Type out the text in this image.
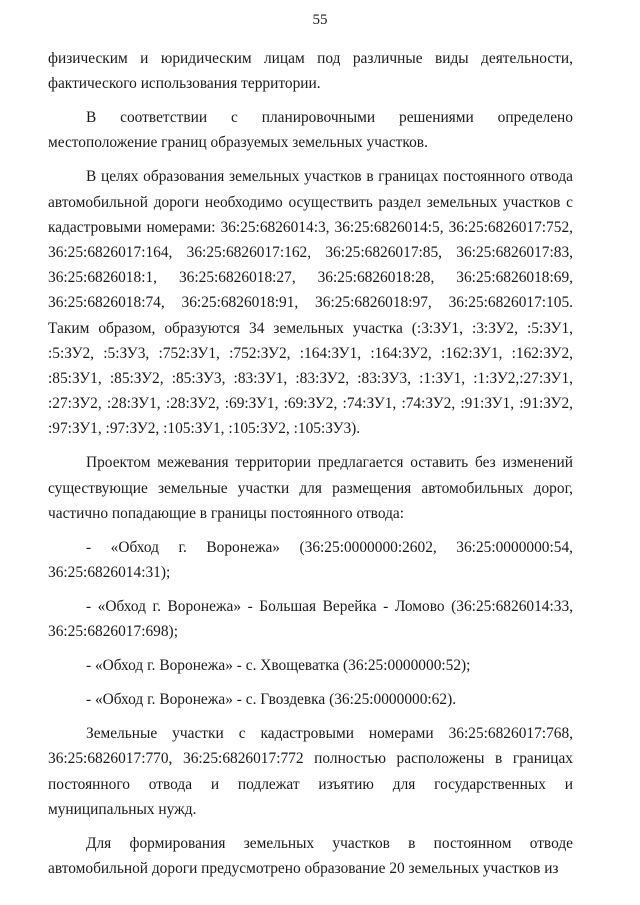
55

физическим и юридическим лицам под различные виды деятельности, фактического использования территории.

В соответствии с планировочными решениями определено местоположение границ образуемых земельных участков.

В целях образования земельных участков в границах постоянного отвода автомобильной дороги необходимо осуществить раздел земельных участков с кадастровыми номерами: 36:25:6826014:3, 36:25:6826014:5, 36:25:6826017:752, 36:25:6826017:164, 36:25:6826017:162, 36:25:6826017:85, 36:25:6826017:83, 36:25:6826018:1, 36:25:6826018:27, 36:25:6826018:28, 36:25:6826018:69, 36:25:6826018:74, 36:25:6826018:91, 36:25:6826018:97, 36:25:6826017:105. Таким образом, образуются 34 земельных участка (:3:ЗУ1, :3:ЗУ2, :5:ЗУ1, :5:ЗУ2, :5:ЗУ3, :752:ЗУ1, :752:ЗУ2, :164:ЗУ1, :164:ЗУ2, :162:ЗУ1, :162:ЗУ2, :85:ЗУ1, :85:ЗУ2, :85:ЗУ3, :83:ЗУ1, :83:ЗУ2, :83:ЗУ3, :1:ЗУ1, :1:ЗУ2,:27:ЗУ1, :27:ЗУ2, :28:ЗУ1, :28:ЗУ2, :69:ЗУ1, :69:ЗУ2, :74:ЗУ1, :74:ЗУ2, :91:ЗУ1, :91:ЗУ2, :97:ЗУ1, :97:ЗУ2, :105:ЗУ1, :105:ЗУ2, :105:ЗУ3).

Проектом межевания территории предлагается оставить без изменений существующие земельные участки для размещения автомобильных дорог, частично попадающие в границы постоянного отвода:

- «Обход г. Воронежа» (36:25:0000000:2602, 36:25:0000000:54, 36:25:6826014:31);

- «Обход г. Воронежа» - Большая Верейка - Ломово (36:25:6826014:33, 36:25:6826017:698);

- «Обход г. Воронежа» - с. Хвощеватка (36:25:0000000:52);

- «Обход г. Воронежа» - с. Гвоздевка (36:25:0000000:62).

Земельные участки с кадастровыми номерами 36:25:6826017:768, 36:25:6826017:770, 36:25:6826017:772 полностью расположены в границах постоянного отвода и подлежат изъятию для государственных и муниципальных нужд.

Для формирования земельных участков в постоянном отводе автомобильной дороги предусмотрено образование 20 земельных участков из
